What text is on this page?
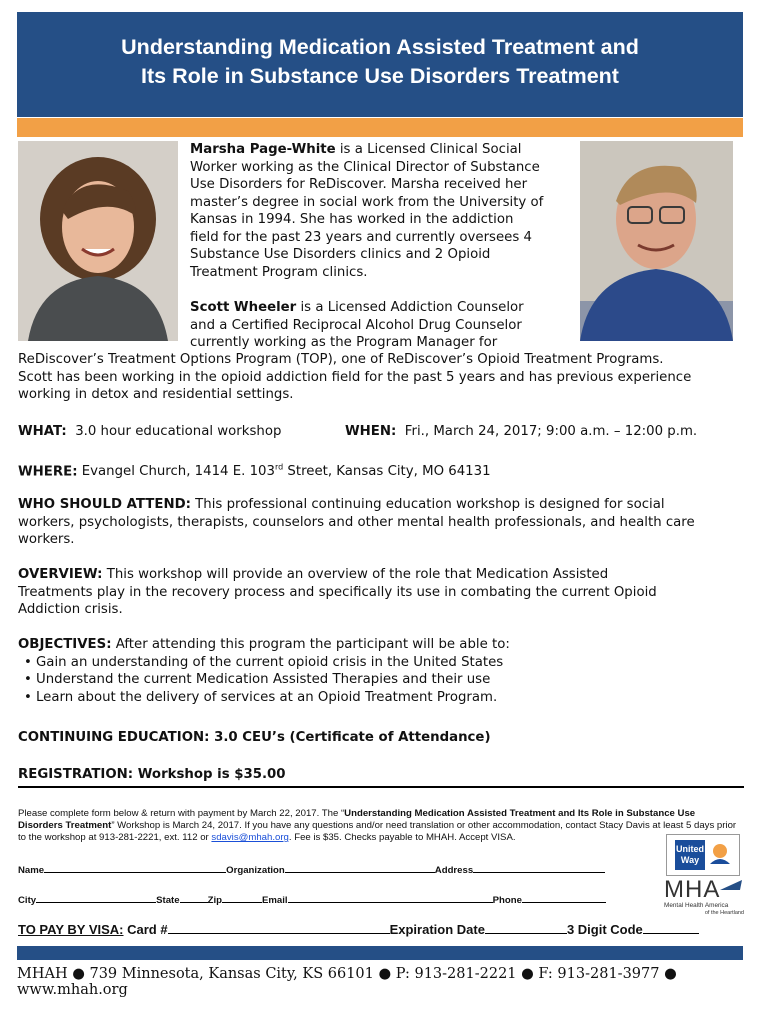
Understanding Medication Assisted Treatment and
Its Role in Substance Use Disorders Treatment
Marsha Page-White is a Licensed Clinical Social
Worker working as the Clinical Director of Substance
Use Disorders for ReDiscover. Marsha received her
master’s degree in social work from the University of
Kansas in 1994. She has worked in the addiction
field for the past 23 years and currently oversees 4
Substance Use Disorders clinics and 2 Opioid
Treatment Program clinics.
Scott Wheeler is a Licensed Addiction Counselor
and a Certified Reciprocal Alcohol Drug Counselor
currently working as the Program Manager for
ReDiscover’s Treatment Options Program (TOP), one of ReDiscover’s Opioid Treatment Programs.
Scott has been working in the opioid addiction field for the past 5 years and has previous experience
working in detox and residential settings.
WHAT: 3.0 hour educational workshop	WHEN: Fri., March 24, 2017; 9:00 a.m. – 12:00 p.m.
WHERE: Evangel Church, 1414 E. 103rd Street, Kansas City, MO 64131
WHO SHOULD ATTEND: This professional continuing education workshop is designed for social
workers, psychologists, therapists, counselors and other mental health professionals, and health care
workers.
OVERVIEW: This workshop will provide an overview of the role that Medication Assisted
Treatments play in the recovery process and specifically its use in combating the current Opioid
Addiction crisis.
OBJECTIVES: After attending this program the participant will be able to:
• Gain an understanding of the current opioid crisis in the United States
• Understand the current Medication Assisted Therapies and their use
• Learn about the delivery of services at an Opioid Treatment Program.
CONTINUING EDUCATION: 3.0 CEU’s (Certificate of Attendance)
REGISTRATION: Workshop is $35.00
Please complete form below & return with payment by March 22, 2017. The “Understanding Medication Assisted Treatment and Its Role in Substance Use Disorders Treatment” Workshop is March 24, 2017. If you have any questions and/or need translation or other accommodation, contact Stacy Davis at least 5 days prior to the workshop at 913-281-2221, ext. 112 or sdavis@mhah.org. Fee is $35. Checks payable to MHAH. Accept VISA.
United
Way
Name	Organization	Address
City	State	Zip	Email	Phone	MHA
Mental Health America
of the Heartland
TO PAY BY VISA: Card #	Expiration Date	3 Digit Code
MHAH ● 739 Minnesota, Kansas City, KS 66101 ● P: 913-281-2221 ● F: 913-281-3977 ● www.mhah.org
